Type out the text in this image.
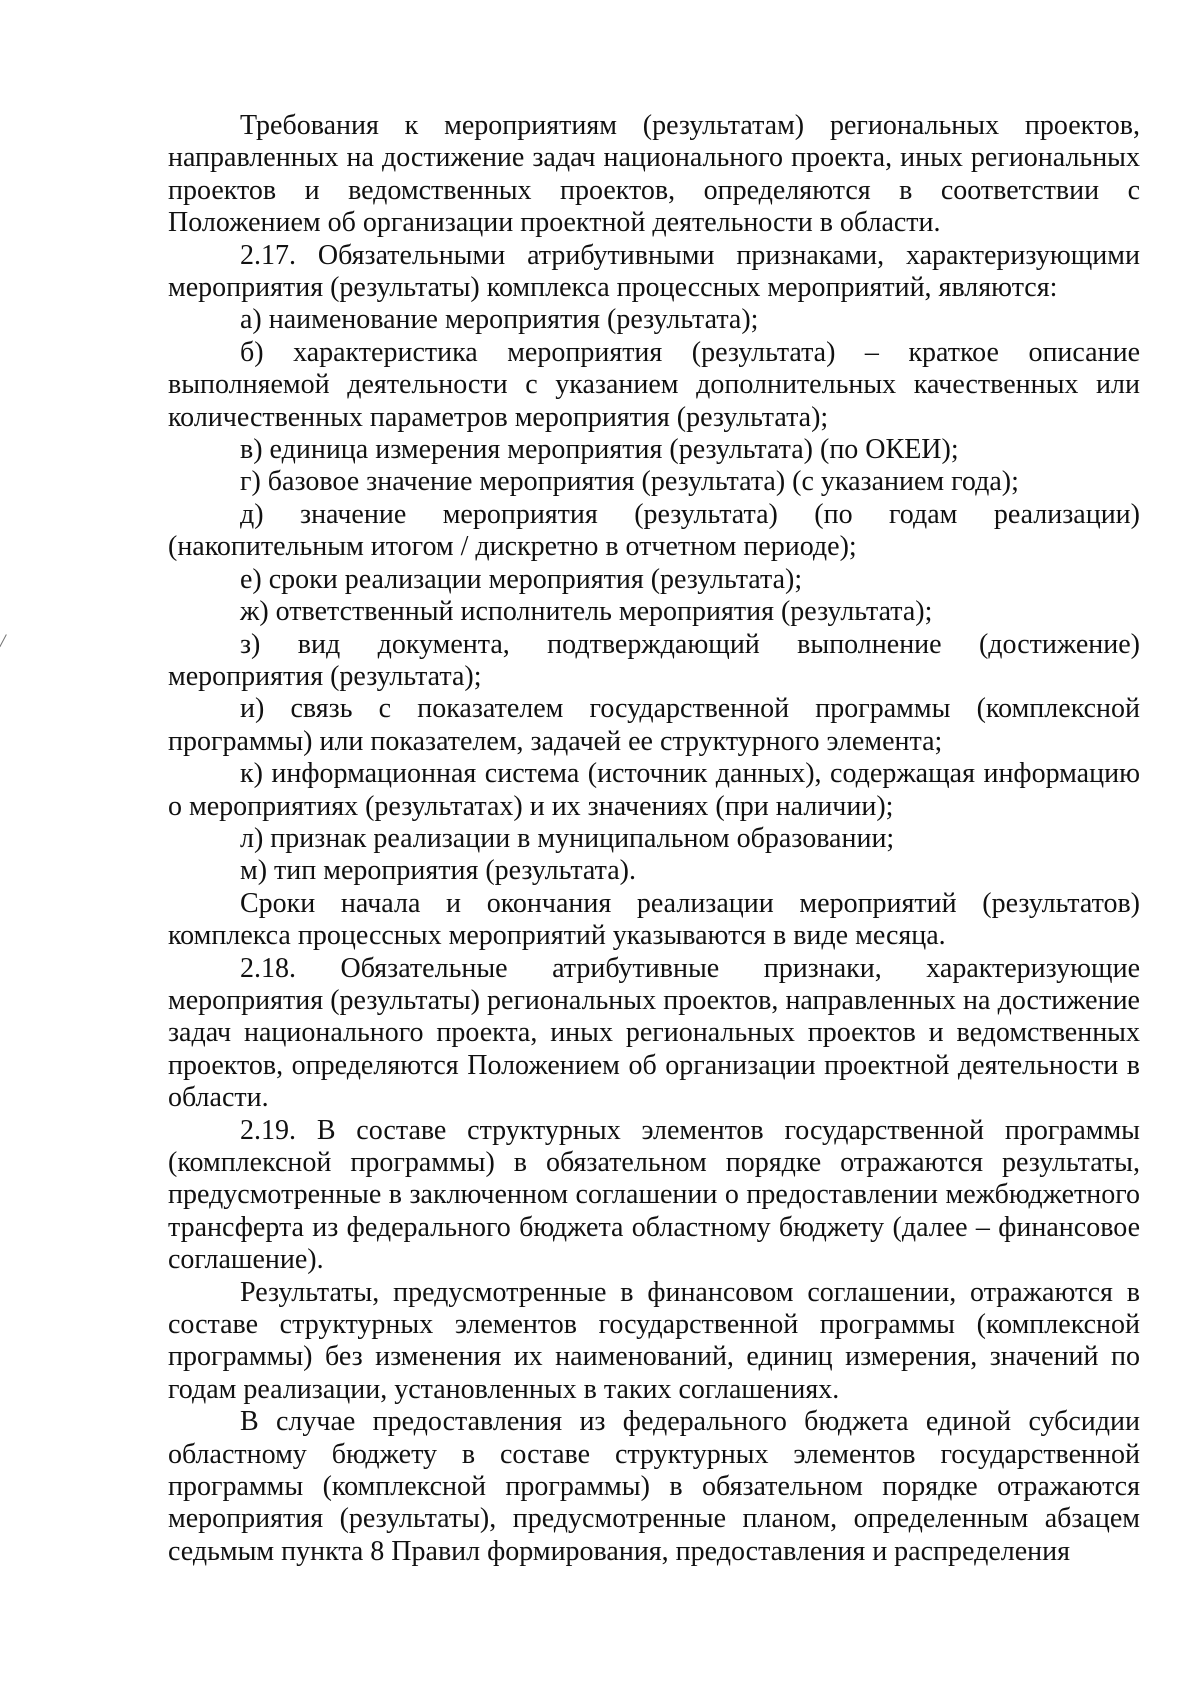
Требования к мероприятиям (результатам) региональных проектов, направленных на достижение задач национального проекта, иных региональных проектов и ведомственных проектов, определяются в соответствии с Положением об организации проектной деятельности в области.

2.17. Обязательными атрибутивными признаками, характеризующими мероприятия (результаты) комплекса процессных мероприятий, являются:

а) наименование мероприятия (результата);

б) характеристика мероприятия (результата) – краткое описание выполняемой деятельности с указанием дополнительных качественных или количественных параметров мероприятия (результата);

в) единица измерения мероприятия (результата) (по ОКЕИ);

г) базовое значение мероприятия (результата) (с указанием года);

д) значение мероприятия (результата) (по годам реализации) (накопительным итогом / дискретно в отчетном периоде);

е) сроки реализации мероприятия (результата);

ж) ответственный исполнитель мероприятия (результата);

з) вид документа, подтверждающий выполнение (достижение) мероприятия (результата);

и) связь с показателем государственной программы (комплексной программы) или показателем, задачей ее структурного элемента;

к) информационная система (источник данных), содержащая информацию о мероприятиях (результатах) и их значениях (при наличии);

л) признак реализации в муниципальном образовании;

м) тип мероприятия (результата).

Сроки начала и окончания реализации мероприятий (результатов) комплекса процессных мероприятий указываются в виде месяца.

2.18. Обязательные атрибутивные признаки, характеризующие мероприятия (результаты) региональных проектов, направленных на достижение задач национального проекта, иных региональных проектов и ведомственных проектов, определяются Положением об организации проектной деятельности в области.

2.19. В составе структурных элементов государственной программы (комплексной программы) в обязательном порядке отражаются результаты, предусмотренные в заключенном соглашении о предоставлении межбюджетного трансферта из федерального бюджета областному бюджету (далее – финансовое соглашение).

Результаты, предусмотренные в финансовом соглашении, отражаются в составе структурных элементов государственной программы (комплексной программы) без изменения их наименований, единиц измерения, значений по годам реализации, установленных в таких соглашениях.

В случае предоставления из федерального бюджета единой субсидии областному бюджету в составе структурных элементов государственной программы (комплексной программы) в обязательном порядке отражаются мероприятия (результаты), предусмотренные планом, определенным абзацем седьмым пункта 8 Правил формирования, предоставления и распределения
